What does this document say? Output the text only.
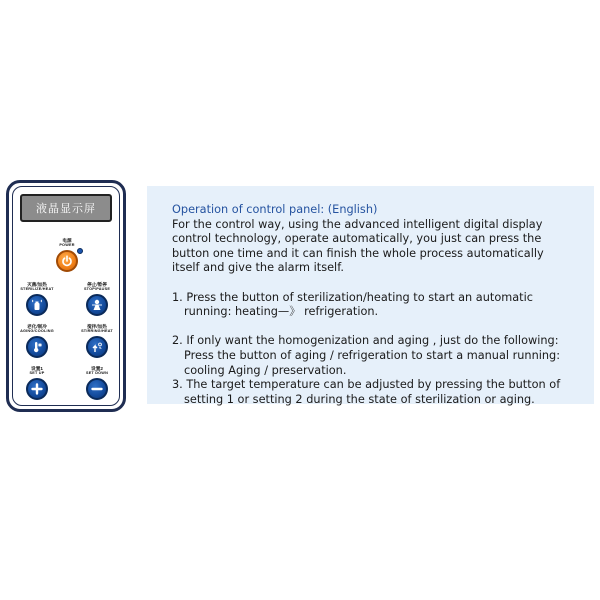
液晶显示屏
电源
POWER
灭菌/加热
STERILIZE/HEAT
停止/暂停
STOP/PAUSE
老化/制冷
AGING/COOLING
搅拌/加热
STIRRING/HEAT
设置1
SET UP
设置2
SET DOWN

Operation of control panel: (English)

For the control way, using the advanced intelligent digital display

control technology, operate automatically, you just can press the

button one time and it can finish the whole process automatically

itself and give the alarm itself.

1. Press the button of sterilization/heating to start an automatic

running: heating—》 refrigeration.

2. If only want the homogenization and aging , just do the following:

Press the button of aging / refrigeration to start a manual running:

cooling Aging / preservation.

3. The target temperature can be adjusted by pressing the button of

setting 1 or setting 2 during the state of sterilization or aging.
